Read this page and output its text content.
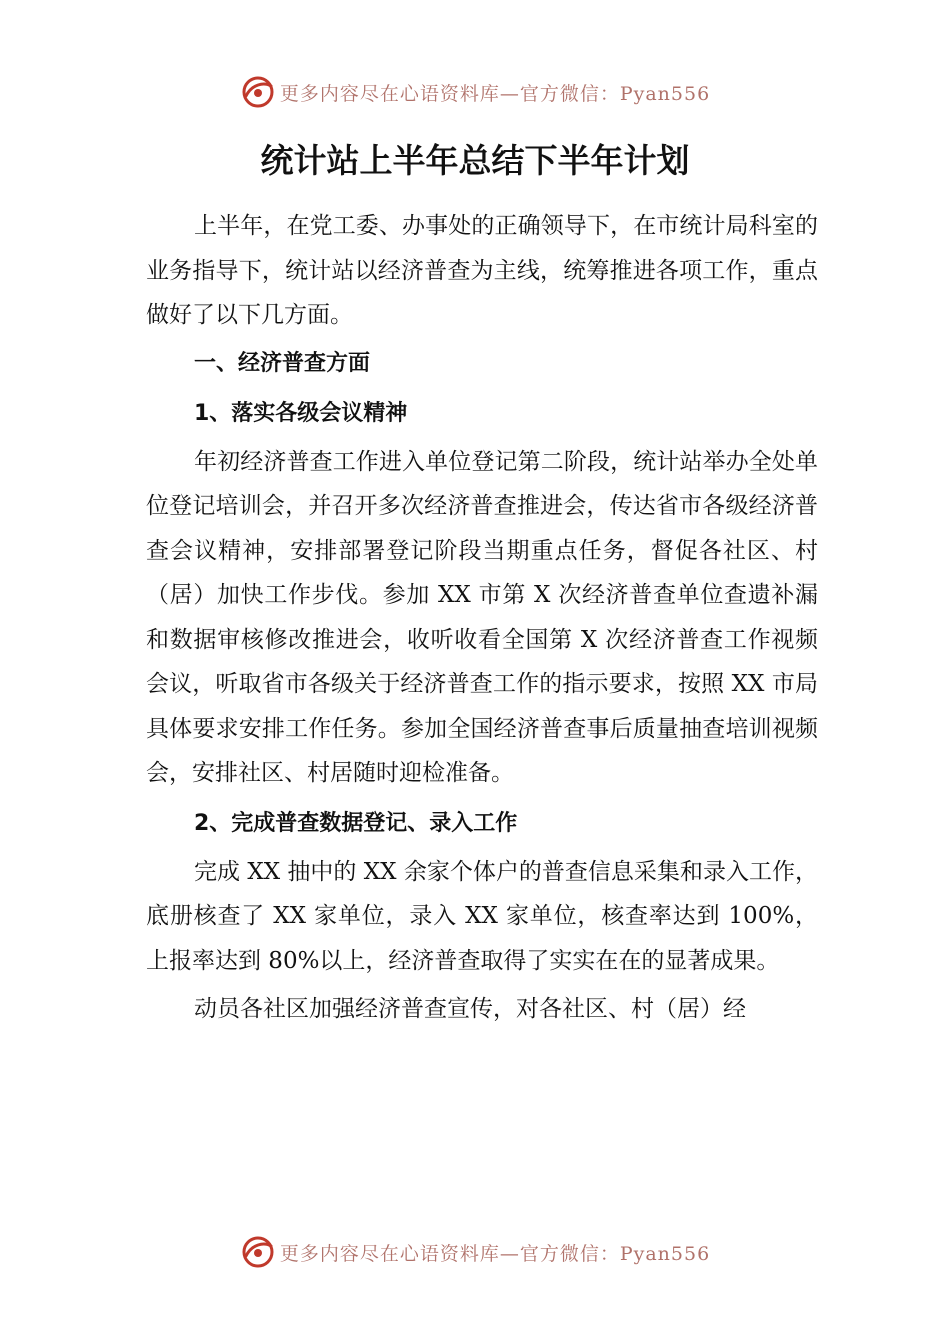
更多内容尽在心语资料库—官方微信：Pyan556
统计站上半年总结下半年计划

上半年，在党工委、办事处的正确领导下，在市统计局科室的业务指导下，统计站以经济普查为主线，统筹推进各项工作，重点做好了以下几方面。

一、经济普查方面

1、落实各级会议精神

年初经济普查工作进入单位登记第二阶段，统计站举办全处单位登记培训会，并召开多次经济普查推进会，传达省市各级经济普查会议精神，安排部署登记阶段当期重点任务，督促各社区、村（居）加快工作步伐。参加 XX 市第 X 次经济普查单位查遗补漏和数据审核修改推进会，收听收看全国第 X 次经济普查工作视频会议，听取省市各级关于经济普查工作的指示要求，按照 XX 市局具体要求安排工作任务。参加全国经济普查事后质量抽查培训视频会，安排社区、村居随时迎检准备。

2、完成普查数据登记、录入工作

完成 XX 抽中的 XX 余家个体户的普查信息采集和录入工作，底册核查了 XX 家单位，录入 XX 家单位，核查率达到 100%，上报率达到 80%以上，经济普查取得了实实在在的显著成果。

动员各社区加强经济普查宣传，对各社区、村（居）经

更多内容尽在心语资料库—官方微信：Pyan556
